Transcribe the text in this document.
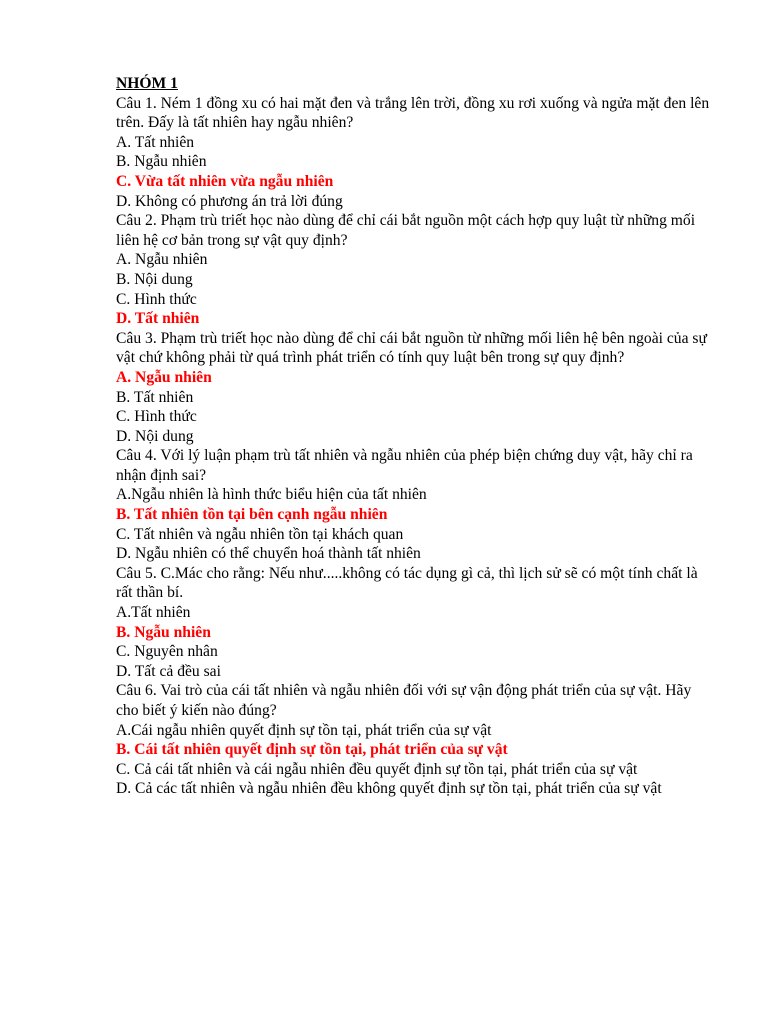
NHÓM 1

Câu 1. Ném 1 đồng xu có hai mặt đen và trắng lên trời, đồng xu rơi xuống và ngửa mặt đen lên trên. Đấy là tất nhiên hay ngẫu nhiên?

A. Tất nhiên

B. Ngẫu nhiên

C. Vừa tất nhiên vừa ngẫu nhiên

D. Không có phương án trả lời đúng

Câu 2. Phạm trù triết học nào dùng để chỉ cái bắt nguồn một cách hợp quy luật từ những mối liên hệ cơ bản trong sự vật quy định?

A. Ngẫu nhiên

B. Nội dung

C. Hình thức

D. Tất nhiên

Câu 3. Phạm trù triết học nào dùng để chỉ cái bắt nguồn từ những mối liên hệ bên ngoài của sự vật chứ không phải từ quá trình phát triển có tính quy luật bên trong sự quy định?

A. Ngẫu nhiên

B. Tất nhiên

C. Hình thức

D. Nội dung

Câu 4. Với lý luận phạm trù tất nhiên và ngẫu nhiên của phép biện chứng duy vật, hãy chỉ ra nhận định sai?

A.Ngẫu nhiên là hình thức biểu hiện của tất nhiên

B. Tất nhiên tồn tại bên cạnh ngẫu nhiên

C. Tất nhiên và ngẫu nhiên tồn tại khách quan

D. Ngẫu nhiên có thể chuyển hoá thành tất nhiên

Câu 5. C.Mác cho rằng: Nếu như.....không có tác dụng gì cả, thì lịch sử sẽ có một tính chất là rất thần bí.

A.Tất nhiên

B. Ngẫu nhiên

C. Nguyên nhân

D. Tất cả đều sai

Câu 6. Vai trò của cái tất nhiên và ngẫu nhiên đối với sự vận động phát triển của sự vật. Hãy cho biết ý kiến nào đúng?

A.Cái ngẫu nhiên quyết định sự tồn tại, phát triển của sự vật

B. Cái tất nhiên quyết định sự tồn tại, phát triển của sự vật

C. Cả cái tất nhiên và cái ngẫu nhiên đều quyết định sự tồn tại, phát triển của sự vật

D. Cả các tất nhiên và ngẫu nhiên đều không quyết định sự tồn tại, phát triển của sự vật
